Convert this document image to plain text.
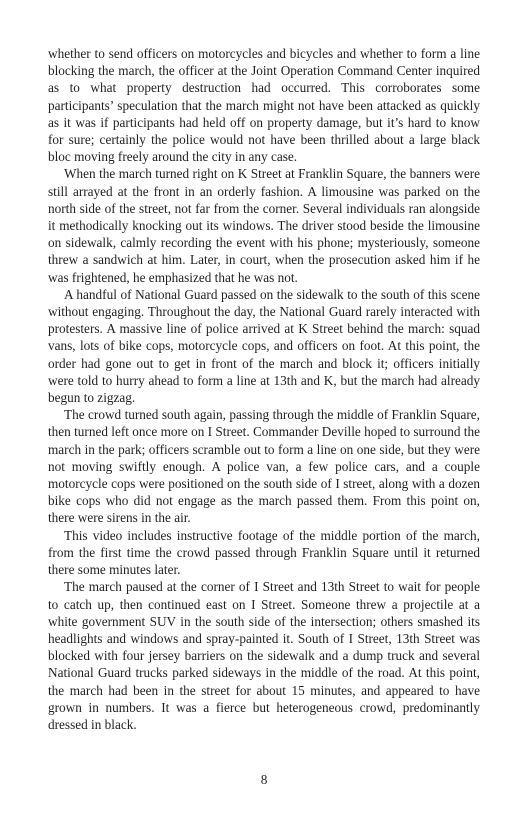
whether to send officers on motorcycles and bicycles and whether to form a line blocking the march, the officer at the Joint Operation Command Center inquired as to what property destruction had occurred. This corroborates some participants’ speculation that the march might not have been attacked as quickly as it was if participants had held off on property damage, but it’s hard to know for sure; certainly the police would not have been thrilled about a large black bloc moving freely around the city in any case.

When the march turned right on K Street at Franklin Square, the banners were still arrayed at the front in an orderly fashion. A limousine was parked on the north side of the street, not far from the corner. Several individuals ran alongside it methodically knocking out its windows. The driver stood beside the limousine on sidewalk, calmly recording the event with his phone; mysteriously, someone threw a sandwich at him. Later, in court, when the prosecution asked him if he was frightened, he emphasized that he was not.

A handful of National Guard passed on the sidewalk to the south of this scene without engaging. Throughout the day, the National Guard rarely interacted with protesters. A massive line of police arrived at K Street behind the march: squad vans, lots of bike cops, motorcycle cops, and officers on foot. At this point, the order had gone out to get in front of the march and block it; officers initially were told to hurry ahead to form a line at 13th and K, but the march had already begun to zigzag.

The crowd turned south again, passing through the middle of Franklin Square, then turned left once more on I Street. Commander Deville hoped to surround the march in the park; officers scramble out to form a line on one side, but they were not moving swiftly enough. A police van, a few police cars, and a couple motorcycle cops were positioned on the south side of I street, along with a dozen bike cops who did not engage as the march passed them. From this point on, there were sirens in the air.

This video includes instructive footage of the middle portion of the march, from the first time the crowd passed through Franklin Square until it returned there some minutes later.

The march paused at the corner of I Street and 13th Street to wait for people to catch up, then continued east on I Street. Someone threw a projectile at a white government SUV in the south side of the intersection; others smashed its headlights and windows and spray-painted it. South of I Street, 13th Street was blocked with four jersey barriers on the sidewalk and a dump truck and several National Guard trucks parked sideways in the middle of the road. At this point, the march had been in the street for about 15 minutes, and appeared to have grown in numbers. It was a fierce but heterogeneous crowd, predominantly dressed in black.

8
